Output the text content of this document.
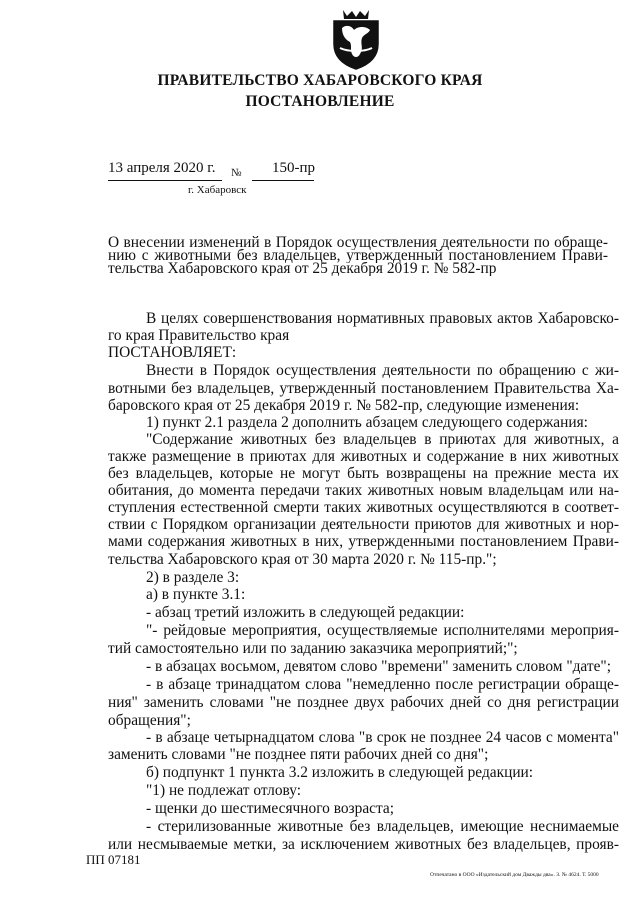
ПРАВИТЕЛЬСТВО ХАБАРОВСКОГО КРАЯ
ПОСТАНОВЛЕНИЕ
13 апреля 2020 г. № 150-пр
г. Хабаровск
О внесении изменений в Порядок осуществления деятельности по обраще-
нию с животными без владельцев, утвержденный постановлением Прави-
тельства Хабаровского края от 25 декабря 2019 г. № 582-пр
В целях совершенствования нормативных правовых актов Хабаровско-
го края Правительство края
ПОСТАНОВЛЯЕТ:
Внести в Порядок осуществления деятельности по обращению с жи-
вотными без владельцев, утвержденный постановлением Правительства Ха-
баровского края от 25 декабря 2019 г. № 582-пр, следующие изменения:
1) пункт 2.1 раздела 2 дополнить абзацем следующего содержания:
"Содержание животных без владельцев в приютах для животных, а
также размещение в приютах для животных и содержание в них животных
без владельцев, которые не могут быть возвращены на прежние места их
обитания, до момента передачи таких животных новым владельцам или на-
ступления естественной смерти таких животных осуществляются в соответ-
ствии с Порядком организации деятельности приютов для животных и нор-
мами содержания животных в них, утвержденными постановлением Прави-
тельства Хабаровского края от 30 марта 2020 г. № 115-пр.";
2) в разделе 3:
а) в пункте 3.1:
- абзац третий изложить в следующей редакции:
"- рейдовые мероприятия, осуществляемые исполнителями мероприя-
тий самостоятельно или по заданию заказчика мероприятий;";
- в абзацах восьмом, девятом слово "времени" заменить словом "дате";
- в абзаце тринадцатом слова "немедленно после регистрации обраще-
ния" заменить словами "не позднее двух рабочих дней со дня регистрации
обращения";
- в абзаце четырнадцатом слова "в срок не позднее 24 часов с момента"
заменить словами "не позднее пяти рабочих дней со дня";
б) подпункт 1 пункта 3.2 изложить в следующей редакции:
"1) не подлежат отлову:
- щенки до шестимесячного возраста;
- стерилизованные животные без владельцев, имеющие неснимаемые
или несмываемые метки, за исключением животных без владельцев, прояв-
ПП 07181
Отпечатано в ООО «Издательский дом Дважды два». З. № 4624. Т. 5000
